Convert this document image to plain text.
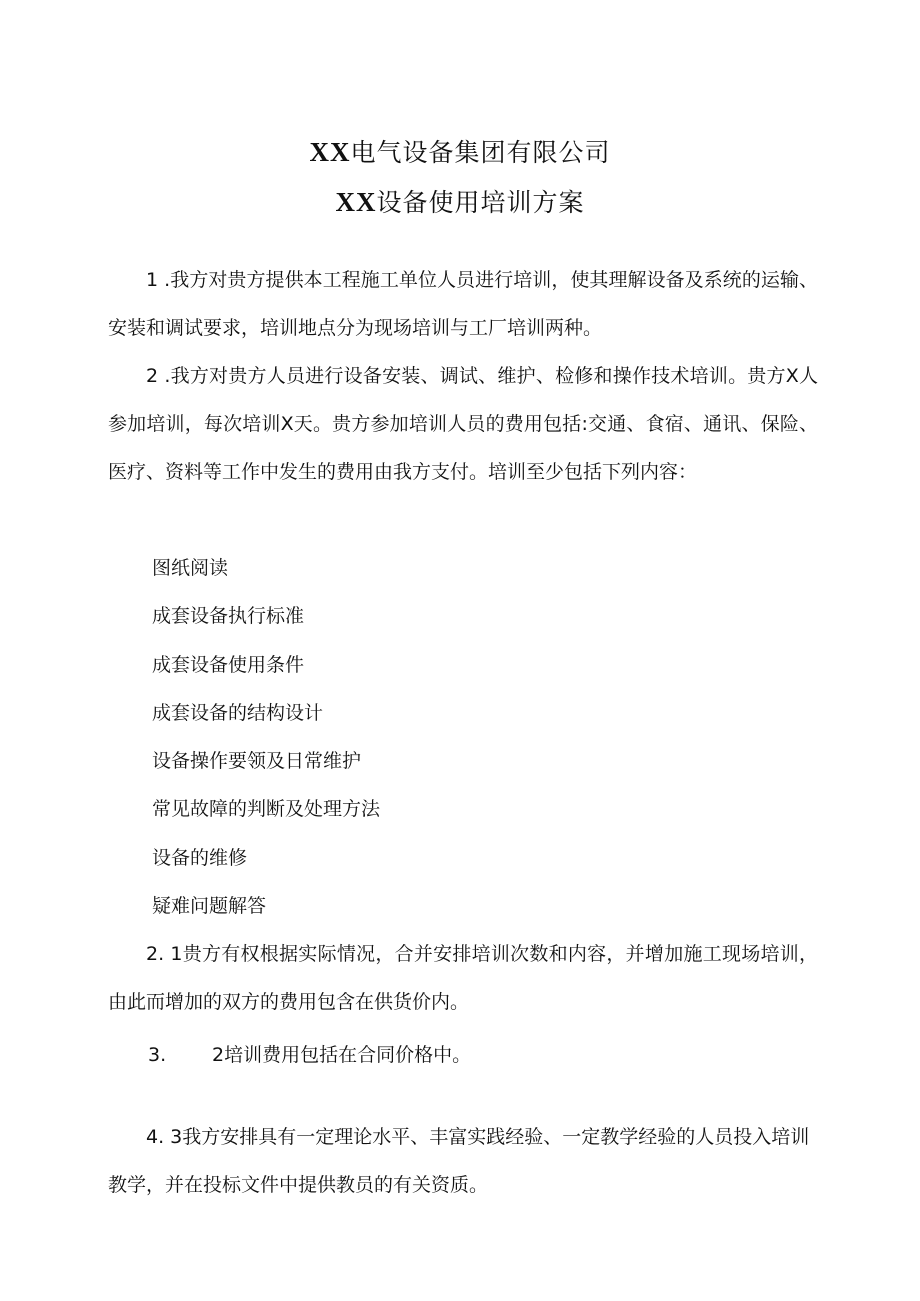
XX电气设备集团有限公司
XX设备使用培训方案

1 .我方对贵方提供本工程施工单位人员进行培训，使其理解设备及系统的运输、安装和调试要求，培训地点分为现场培训与工厂培训两种。

2 .我方对贵方人员进行设备安装、调试、维护、检修和操作技术培训。贵方X人参加培训，每次培训X天。贵方参加培训人员的费用包括:交通、食宿、通讯、保险、医疗、资料等工作中发生的费用由我方支付。培训至少包括下列内容：

图纸阅读
成套设备执行标准
成套设备使用条件
成套设备的结构设计
设备操作要领及日常维护
常见故障的判断及处理方法
设备的维修
疑难问题解答

2. 1贵方有权根据实际情况，合并安排培训次数和内容，并增加施工现场培训，由此而增加的双方的费用包含在供货价内。

3. 2培训费用包括在合同价格中。

4. 3我方安排具有一定理论水平、丰富实践经验、一定教学经验的人员投入培训教学，并在投标文件中提供教员的有关资质。
